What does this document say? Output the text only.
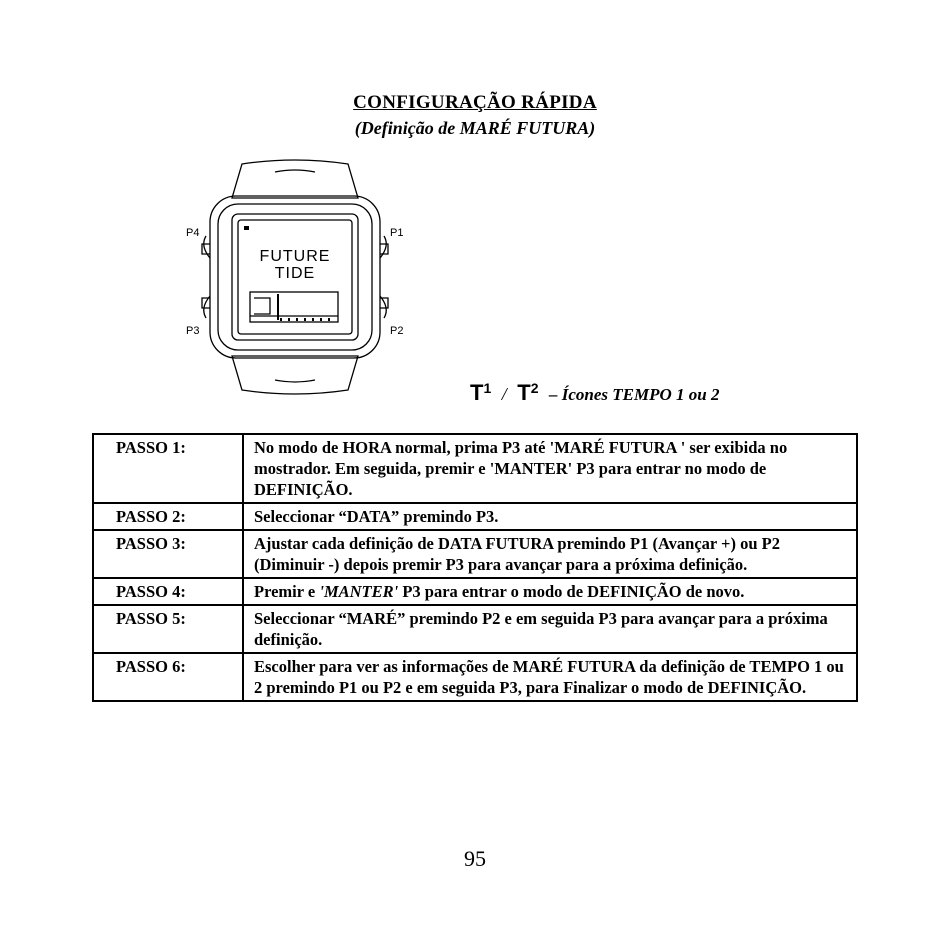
CONFIGURAÇÃO RÁPIDA
(Definição de MARÉ FUTURA)
P4	P1
P3	P2
FUTURE
TIDE
$T^1 / T^2$ – Ícones TEMPO 1 ou 2
PASSO 1:	No modo de HORA normal, prima P3 até 'MARÉ FUTURA ' ser exibida no mostrador. Em seguida, premir e 'MANTER' P3 para entrar no modo de DEFINIÇÃO.
PASSO 2:	Seleccionar “DATA” premindo P3.
PASSO 3:	Ajustar cada definição de DATA FUTURA premindo P1 (Avançar +) ou P2 (Diminuir -) depois premir P3 para avançar para a próxima definição.
PASSO 4:	Premir e 'MANTER' P3 para entrar o modo de DEFINIÇÃO de novo.
PASSO 5:	Seleccionar “MARÉ” premindo P2 e em seguida P3 para avançar para a próxima definição.
PASSO 6:	Escolher para ver as informações de MARÉ FUTURA da definição de TEMPO 1 ou 2 premindo P1 ou P2 e em seguida P3, para Finalizar o modo de DEFINIÇÃO.
95
